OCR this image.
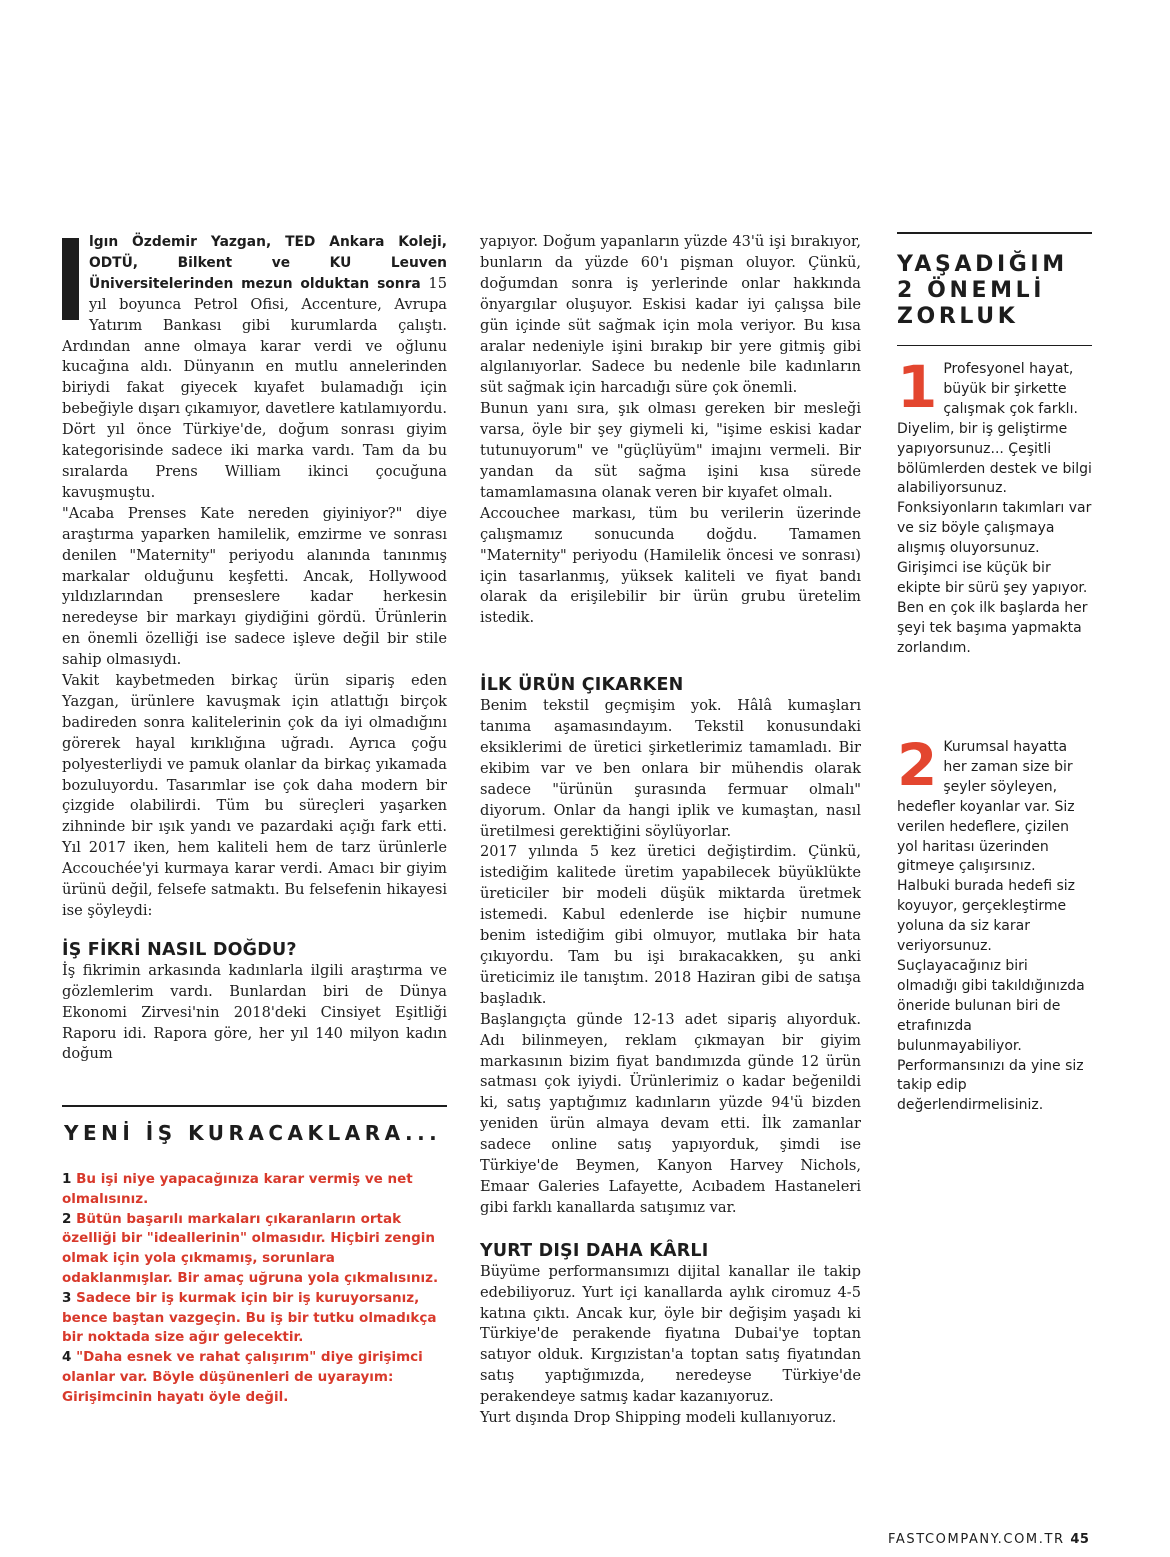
lgın Özdemir Yazgan, TED Ankara Koleji, ODTÜ, Bilkent ve KU Leuven Üniversitelerinden mezun olduktan sonra 15 yıl boyunca Petrol Ofisi, Accenture, Avrupa Yatırım Bankası gibi kurumlarda çalıştı. Ardından anne olmaya karar verdi ve oğlunu kucağına aldı. Dünyanın en mutlu annelerinden biriydi fakat giyecek kıyafet bulamadığı için bebeğiyle dışarı çıkamıyor, davetlere katılamıyordu. Dört yıl önce Türkiye'de, doğum sonrası giyim kategorisinde sadece iki marka vardı. Tam da bu sıralarda Prens William ikinci çocuğuna kavuşmuştu.

"Acaba Prenses Kate nereden giyiniyor?" diye araştırma yaparken hamilelik, emzirme ve sonrası denilen "Maternity" periyodu alanında tanınmış markalar olduğunu keşfetti. Ancak, Hollywood yıldızlarından prenseslere kadar herkesin neredeyse bir markayı giydiğini gördü. Ürünlerin en önemli özelliği ise sadece işleve değil bir stile sahip olmasıydı.

Vakit kaybetmeden birkaç ürün sipariş eden Yazgan, ürünlere kavuşmak için atlattığı birçok badireden sonra kalitelerinin çok da iyi olmadığını görerek hayal kırıklığına uğradı. Ayrıca çoğu polyesterliydi ve pamuk olanlar da birkaç yıkamada bozuluyordu. Tasarımlar ise çok daha modern bir çizgide olabilirdi. Tüm bu süreçleri yaşarken zihninde bir ışık yandı ve pazardaki açığı fark etti. Yıl 2017 iken, hem kaliteli hem de tarz ürünlerle Accouchée'yi kurmaya karar verdi. Amacı bir giyim ürünü değil, felsefe satmaktı. Bu felsefenin hikayesi ise şöyleydi:

İŞ FİKRİ NASIL DOĞDU?

İş fikrimin arkasında kadınlarla ilgili araştırma ve gözlemlerim vardı. Bunlardan biri de Dünya Ekonomi Zirvesi'nin 2018'deki Cinsiyet Eşitliği Raporu idi. Rapora göre, her yıl 140 milyon kadın doğum

YENİ İŞ KURACAKLARA...
1 Bu işi niye yapacağınıza karar vermiş ve net olmalısınız.
2 Bütün başarılı markaları çıkaranların ortak özelliği bir "ideallerinin" olmasıdır. Hiçbiri zengin olmak için yola çıkmamış, sorunlara odaklanmışlar. Bir amaç uğruna yola çıkmalısınız.
3 Sadece bir iş kurmak için bir iş kuruyorsanız, bence baştan vazgeçin. Bu iş bir tutku olmadıkça bir noktada size ağır gelecektir.
4 "Daha esnek ve rahat çalışırım" diye girişimci olanlar var. Böyle düşünenleri de uyarayım: Girişimcinin hayatı öyle değil.

yapıyor. Doğum yapanların yüzde 43'ü işi bırakıyor, bunların da yüzde 60'ı pişman oluyor. Çünkü, doğumdan sonra iş yerlerinde onlar hakkında önyargılar oluşuyor. Eskisi kadar iyi çalışsa bile gün içinde süt sağmak için mola veriyor. Bu kısa aralar nedeniyle işini bırakıp bir yere gitmiş gibi algılanıyorlar. Sadece bu nedenle bile kadınların süt sağmak için harcadığı süre çok önemli.

Bunun yanı sıra, şık olması gereken bir mesleği varsa, öyle bir şey giymeli ki, "işime eskisi kadar tutunuyorum" ve "güçlüyüm" imajını vermeli. Bir yandan da süt sağma işini kısa sürede tamamlamasına olanak veren bir kıyafet olmalı.

Accouchee markası, tüm bu verilerin üzerinde çalışmamız sonucunda doğdu. Tamamen "Maternity" periyodu (Hamilelik öncesi ve sonrası) için tasarlanmış, yüksek kaliteli ve fiyat bandı olarak da erişilebilir bir ürün grubu üretelim istedik.

İLK ÜRÜN ÇIKARKEN

Benim tekstil geçmişim yok. Hâlâ kumaşları tanıma aşamasındayım. Tekstil konusundaki eksiklerimi de üretici şirketlerimiz tamamladı. Bir ekibim var ve ben onlara bir mühendis olarak sadece "ürünün şurasında fermuar olmalı" diyorum. Onlar da hangi iplik ve kumaştan, nasıl üretilmesi gerektiğini söylüyorlar.

2017 yılında 5 kez üretici değiştirdim. Çünkü, istediğim kalitede üretim yapabilecek büyüklükte üreticiler bir modeli düşük miktarda üretmek istemedi. Kabul edenlerde ise hiçbir numune benim istediğim gibi olmuyor, mutlaka bir hata çıkıyordu. Tam bu işi bırakacakken, şu anki üreticimiz ile tanıştım. 2018 Haziran gibi de satışa başladık.

Başlangıçta günde 12-13 adet sipariş alıyorduk. Adı bilinmeyen, reklam çıkmayan bir giyim markasının bizim fiyat bandımızda günde 12 ürün satması çok iyiydi. Ürünlerimiz o kadar beğenildi ki, satış yaptığımız kadınların yüzde 94'ü bizden yeniden ürün almaya devam etti. İlk zamanlar sadece online satış yapıyorduk, şimdi ise Türkiye'de Beymen, Kanyon Harvey Nichols, Emaar Galeries Lafayette, Acıbadem Hastaneleri gibi farklı kanallarda satışımız var.

YURT DIŞI DAHA KÂRLI

Büyüme performansımızı dijital kanallar ile takip edebiliyoruz. Yurt içi kanallarda aylık ciromuz 4-5 katına çıktı. Ancak kur, öyle bir değişim yaşadı ki Türkiye'de perakende fiyatına Dubai'ye toptan satıyor olduk. Kırgızistan'a toptan satış fiyatından satış yaptığımızda, neredeyse Türkiye'de perakendeye satmış kadar kazanıyoruz.

Yurt dışında Drop Shipping modeli kullanıyoruz.

YAŞADIĞIM 2 ÖNEMLİ ZORLUK
1 Profesyonel hayat, büyük bir şirkette çalışmak çok farklı. Diyelim, bir iş geliştirme yapıyorsunuz... Çeşitli bölümlerden destek ve bilgi alabiliyorsunuz. Fonksiyonların takımları var ve siz böyle çalışmaya alışmış oluyorsunuz. Girişimci ise küçük bir ekipte bir sürü şey yapıyor. Ben en çok ilk başlarda her şeyi tek başıma yapmakta zorlandım.
2 Kurumsal hayatta her zaman size bir şeyler söyleyen, hedefler koyanlar var. Siz verilen hedeflere, çizilen yol haritası üzerinden gitmeye çalışırsınız. Halbuki burada hedefi siz koyuyor, gerçekleştirme yoluna da siz karar veriyorsunuz. Suçlayacağınız biri olmadığı gibi takıldığınızda öneride bulunan biri de etrafınızda bulunmayabiliyor. Performansınızı da yine siz takip edip değerlendirmelisiniz.
FASTCOMPANY.COM.TR 45
